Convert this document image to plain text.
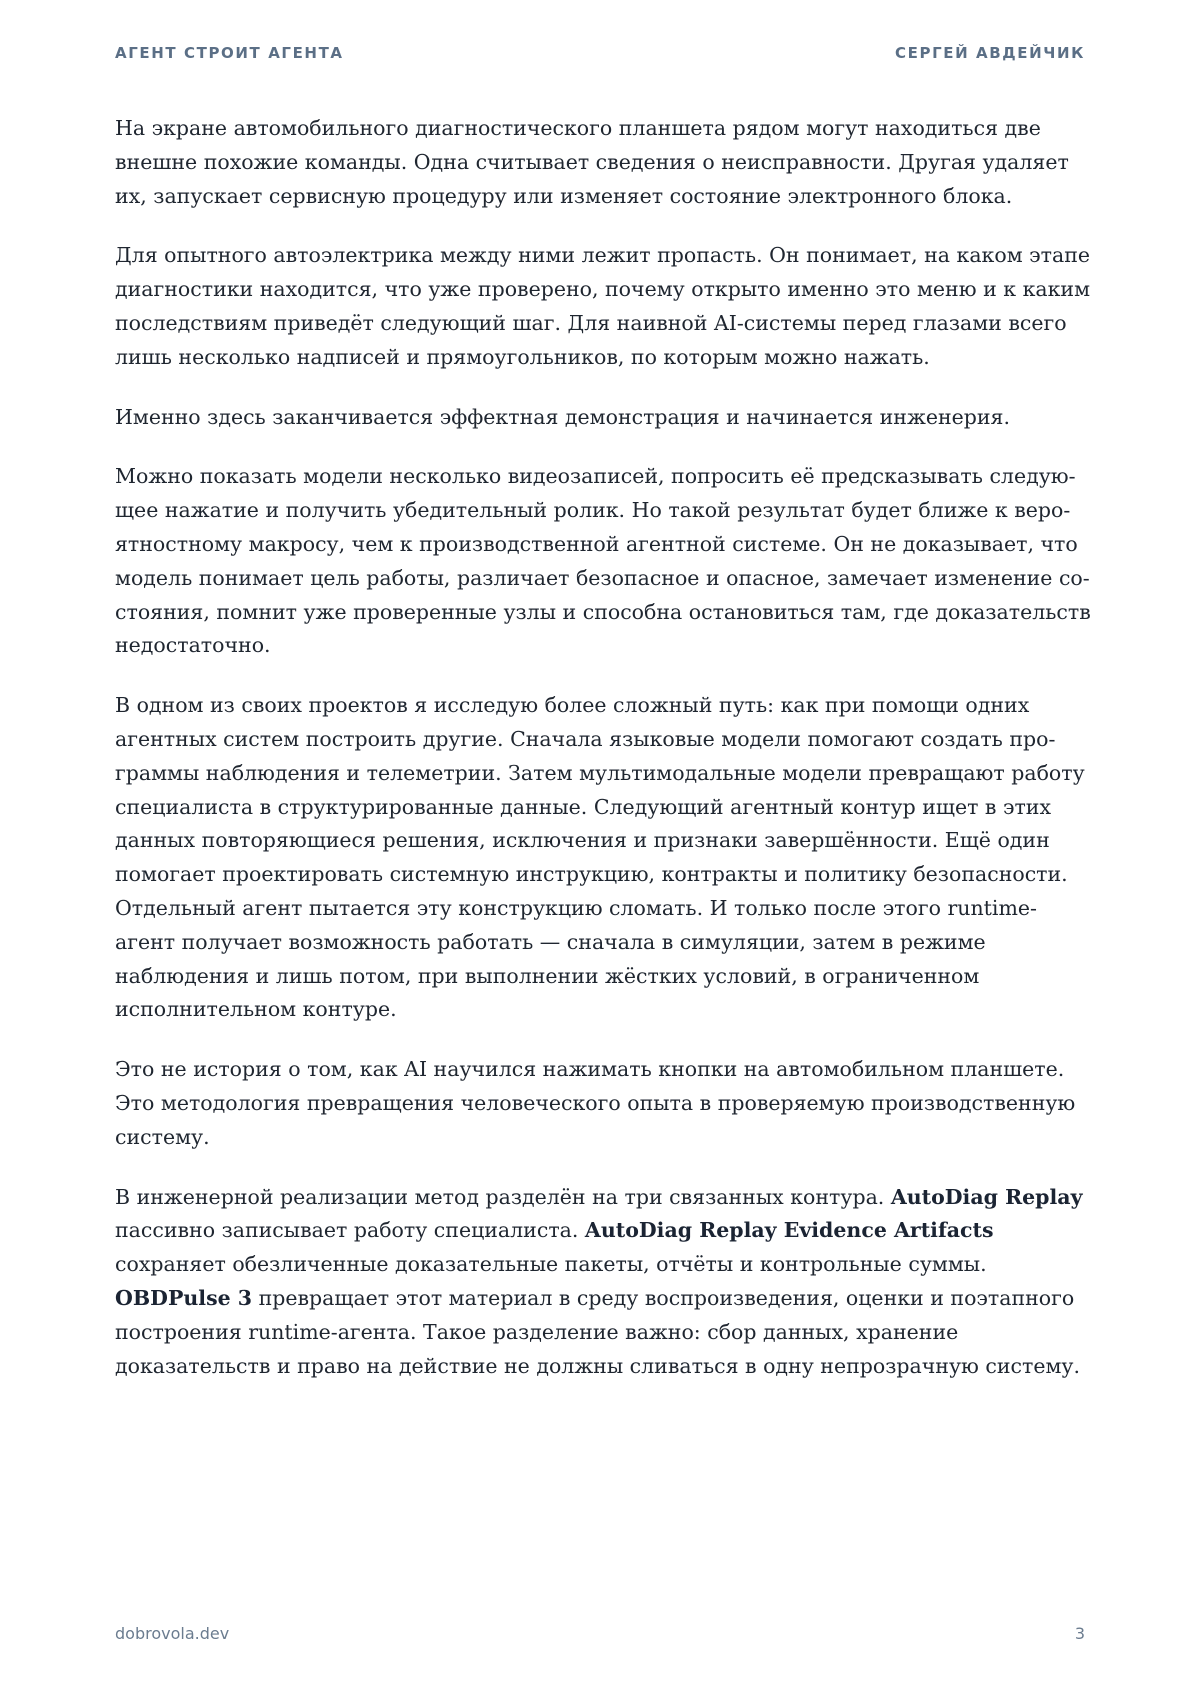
АГЕНТ СТРОИТ АГЕНТА	СЕРГЕЙ АВДЕЙЧИК

На экране автомобильного диагностического планшета рядом могут находиться две внешне похожие команды. Одна считывает сведения о неисправности. Другая удаляет их, запускает сервисную процедуру или изменяет состояние электронного блока.

Для опытного автоэлектрика между ними лежит пропасть. Он понимает, на каком этапе диагностики находится, что уже проверено, почему открыто именно это меню и к каким последствиям приведёт следующий шаг. Для наивной AI-системы перед глазами всего лишь несколько надписей и прямоугольников, по которым можно нажать.

Именно здесь заканчивается эффектная демонстрация и начинается инженерия.

Можно показать модели несколько видеозаписей, попросить её предсказывать следующее нажатие и получить убедительный ролик. Но такой результат будет ближе к вероятностному макросу, чем к производственной агентной системе. Он не доказывает, что модель понимает цель работы, различает безопасное и опасное, замечает изменение состояния, помнит уже проверенные узлы и способна остановиться там, где доказательств недостаточно.

В одном из своих проектов я исследую более сложный путь: как при помощи одних агентных систем построить другие. Сначала языковые модели помогают создать программы наблюдения и телеметрии. Затем мультимодальные модели превращают работу специалиста в структурированные данные. Следующий агентный контур ищет в этих данных повторяющиеся решения, исключения и признаки завершённости. Ещё один помогает проектировать системную инструкцию, контракты и политику безопасности. Отдельный агент пытается эту конструкцию сломать. И только после этого runtime-агент получает возможность работать — сначала в симуляции, затем в режиме наблюдения и лишь потом, при выполнении жёстких условий, в ограниченном исполнительном контуре.

Это не история о том, как AI научился нажимать кнопки на автомобильном планшете. Это методология превращения человеческого опыта в проверяемую производственную систему.

В инженерной реализации метод разделён на три связанных контура. AutoDiag Replay пассивно записывает работу специалиста. AutoDiag Replay Evidence Artifacts сохраняет обезличенные доказательные пакеты, отчёты и контрольные суммы. OBDPulse 3 превращает этот материал в среду воспроизведения, оценки и поэтапного построения runtime-агента. Такое разделение важно: сбор данных, хранение доказательств и право на действие не должны сливаться в одну непрозрачную систему.

dobrovola.dev	3
